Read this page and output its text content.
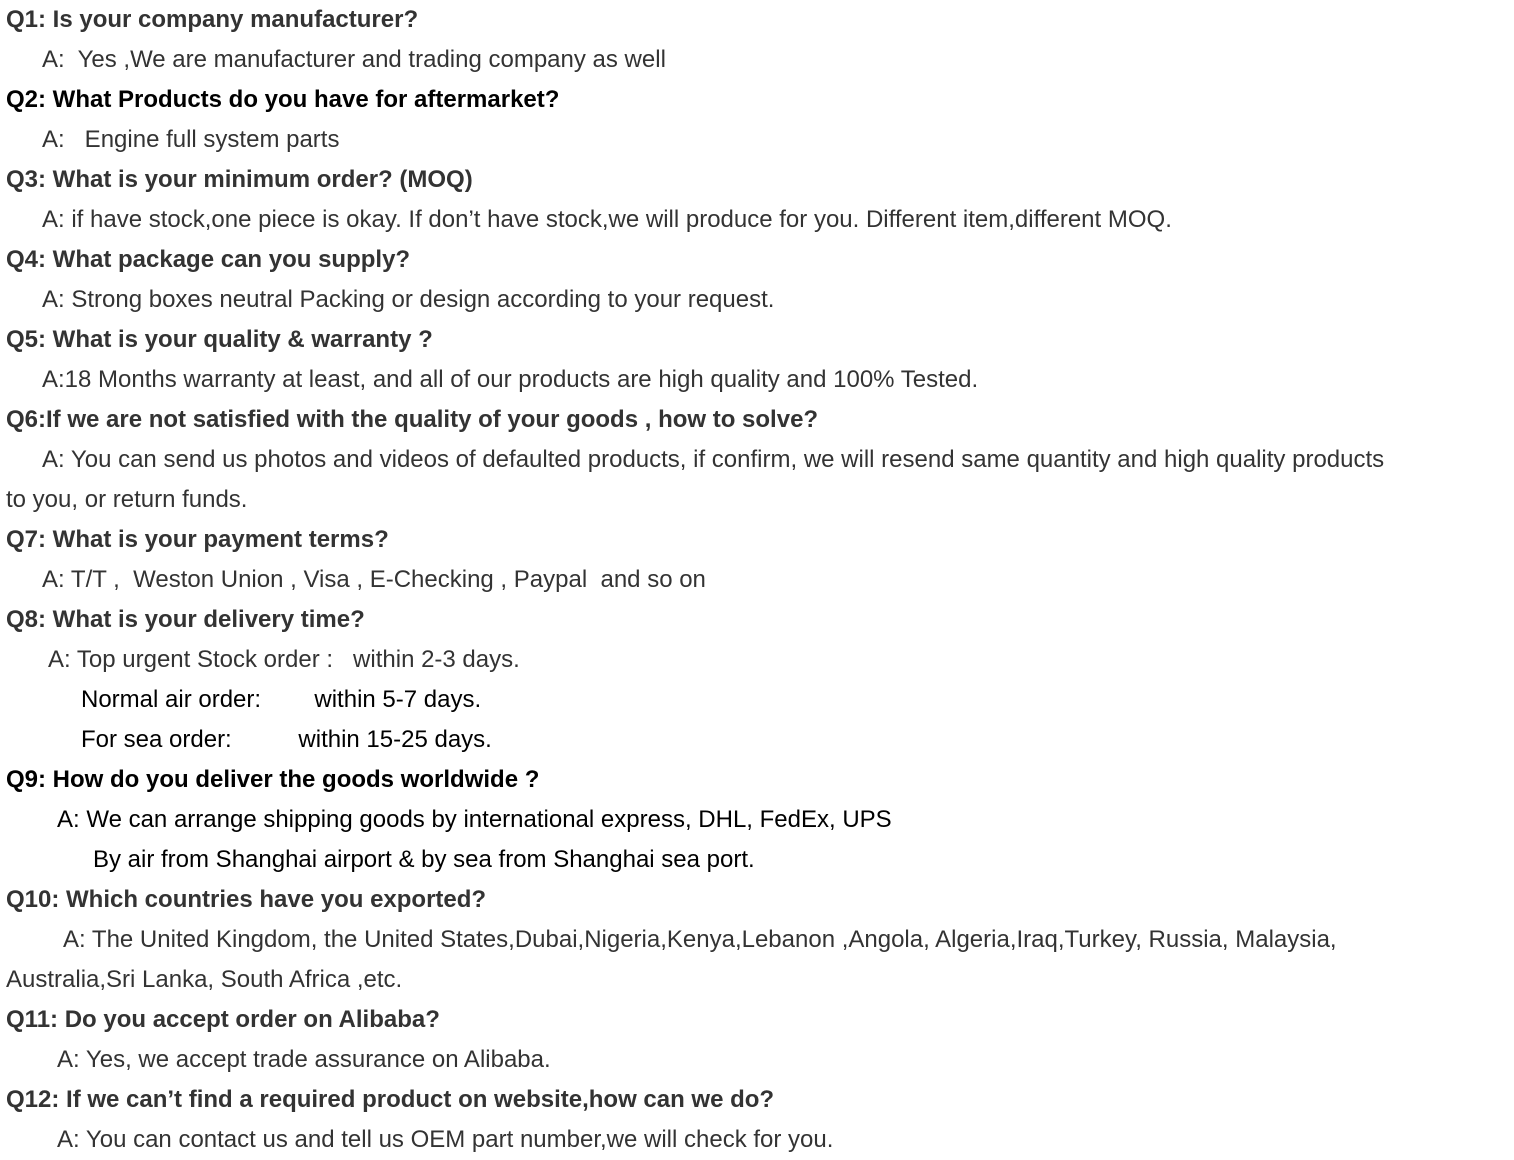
Q1: Is your company manufacturer?
A:  Yes ,We are manufacturer and trading company as well
Q2: What Products do you have for aftermarket?
A:   Engine full system parts
Q3: What is your minimum order? (MOQ)
A: if have stock,one piece is okay. If don’t have stock,we will produce for you. Different item,different MOQ.
Q4: What package can you supply?
A: Strong boxes neutral Packing or design according to your request.
Q5: What is your quality & warranty ?
A:18 Months warranty at least, and all of our products are high quality and 100% Tested.
Q6:If we are not satisfied with the quality of your goods , how to solve?
A: You can send us photos and videos of defaulted products, if confirm, we will resend same quantity and high quality products
to you, or return funds.
Q7: What is your payment terms?
A: T/T ,  Weston Union , Visa , E-Checking , Paypal  and so on
Q8: What is your delivery time?
A: Top urgent Stock order :   within 2-3 days.
Normal air order:        within 5-7 days.
For sea order:          within 15-25 days.
Q9: How do you deliver the goods worldwide ?
A: We can arrange shipping goods by international express, DHL, FedEx, UPS
By air from Shanghai airport & by sea from Shanghai sea port.
Q10: Which countries have you exported?
A: The United Kingdom, the United States,Dubai,Nigeria,Kenya,Lebanon ,Angola, Algeria,Iraq,Turkey, Russia, Malaysia,
Australia,Sri Lanka, South Africa ,etc.
Q11: Do you accept order on Alibaba?
A: Yes, we accept trade assurance on Alibaba.
Q12: If we can’t find a required product on website,how can we do?
A: You can contact us and tell us OEM part number,we will check for you.
